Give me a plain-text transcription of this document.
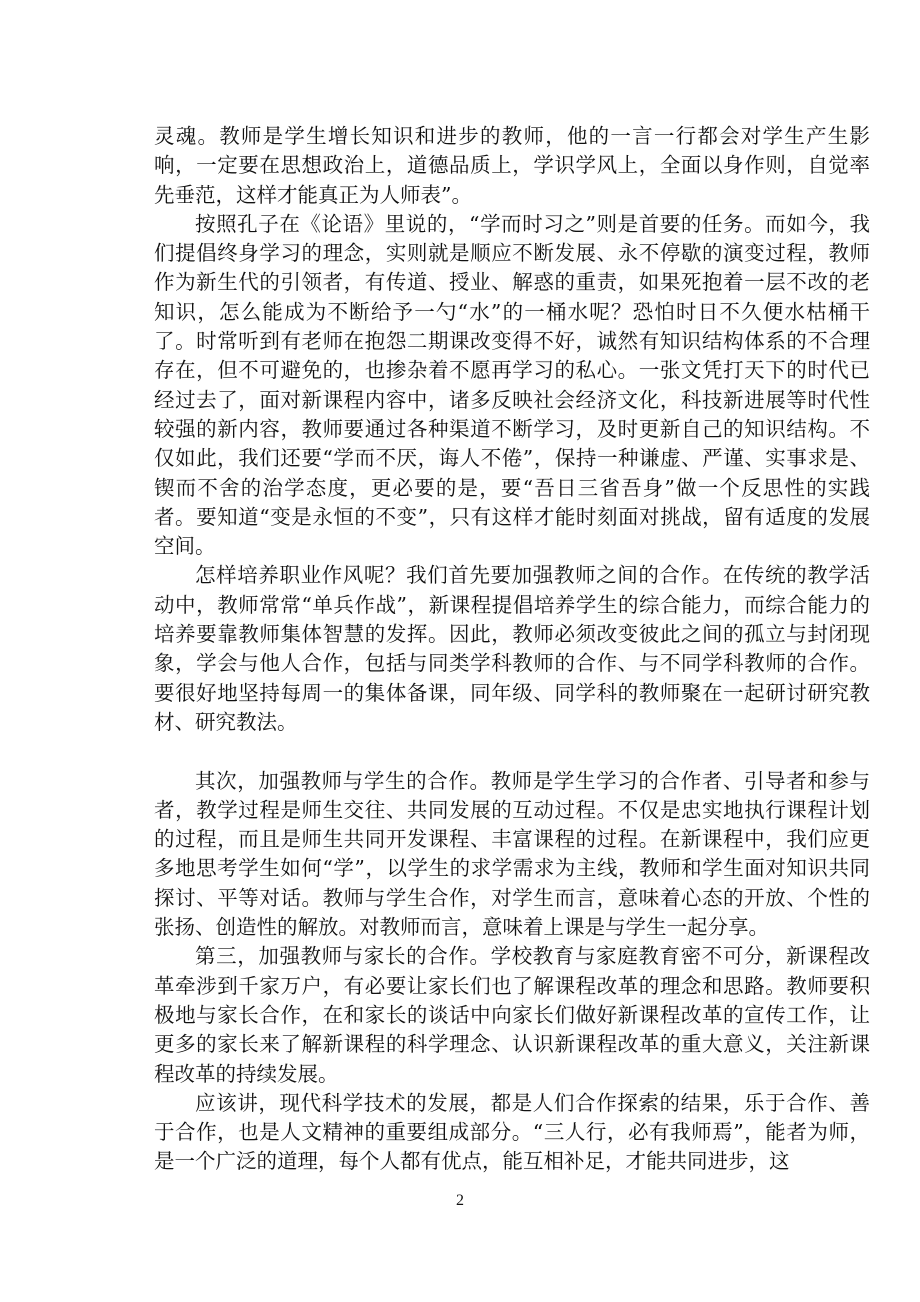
灵魂。教师是学生增长知识和进步的教师，他的一言一行都会对学生产生影响，一定要在思想政治上，道德品质上，学识学风上，全面以身作则，自觉率先垂范，这样才能真正为人师表”。

按照孔子在《论语》里说的，“学而时习之”则是首要的任务。而如今，我们提倡终身学习的理念，实则就是顺应不断发展、永不停歇的演变过程，教师作为新生代的引领者，有传道、授业、解惑的重责，如果死抱着一层不改的老知识，怎么能成为不断给予一勺“水”的一桶水呢？恐怕时日不久便水枯桶干了。时常听到有老师在抱怨二期课改变得不好，诚然有知识结构体系的不合理存在，但不可避免的，也掺杂着不愿再学习的私心。一张文凭打天下的时代已经过去了，面对新课程内容中，诸多反映社会经济文化，科技新进展等时代性较强的新内容，教师要通过各种渠道不断学习，及时更新自己的知识结构。不仅如此，我们还要“学而不厌，诲人不倦”，保持一种谦虚、严谨、实事求是、锲而不舍的治学态度，更必要的是，要“吾日三省吾身”做一个反思性的实践者。要知道“变是永恒的不变”，只有这样才能时刻面对挑战，留有适度的发展空间。

怎样培养职业作风呢？我们首先要加强教师之间的合作。在传统的教学活动中，教师常常“单兵作战”，新课程提倡培养学生的综合能力，而综合能力的培养要靠教师集体智慧的发挥。因此，教师必须改变彼此之间的孤立与封闭现象，学会与他人合作，包括与同类学科教师的合作、与不同学科教师的合作。要很好地坚持每周一的集体备课，同年级、同学科的教师聚在一起研讨研究教材、研究教法。

其次，加强教师与学生的合作。教师是学生学习的合作者、引导者和参与者，教学过程是师生交往、共同发展的互动过程。不仅是忠实地执行课程计划的过程，而且是师生共同开发课程、丰富课程的过程。在新课程中，我们应更多地思考学生如何“学”，以学生的求学需求为主线，教师和学生面对知识共同探讨、平等对话。教师与学生合作，对学生而言，意味着心态的开放、个性的张扬、创造性的解放。对教师而言，意味着上课是与学生一起分享。

第三，加强教师与家长的合作。学校教育与家庭教育密不可分，新课程改革牵涉到千家万户，有必要让家长们也了解课程改革的理念和思路。教师要积极地与家长合作，在和家长的谈话中向家长们做好新课程改革的宣传工作，让更多的家长来了解新课程的科学理念、认识新课程改革的重大意义，关注新课程改革的持续发展。

应该讲，现代科学技术的发展，都是人们合作探索的结果，乐于合作、善于合作，也是人文精神的重要组成部分。“三人行，必有我师焉”，能者为师，是一个广泛的道理，每个人都有优点，能互相补足，才能共同进步，这

2
